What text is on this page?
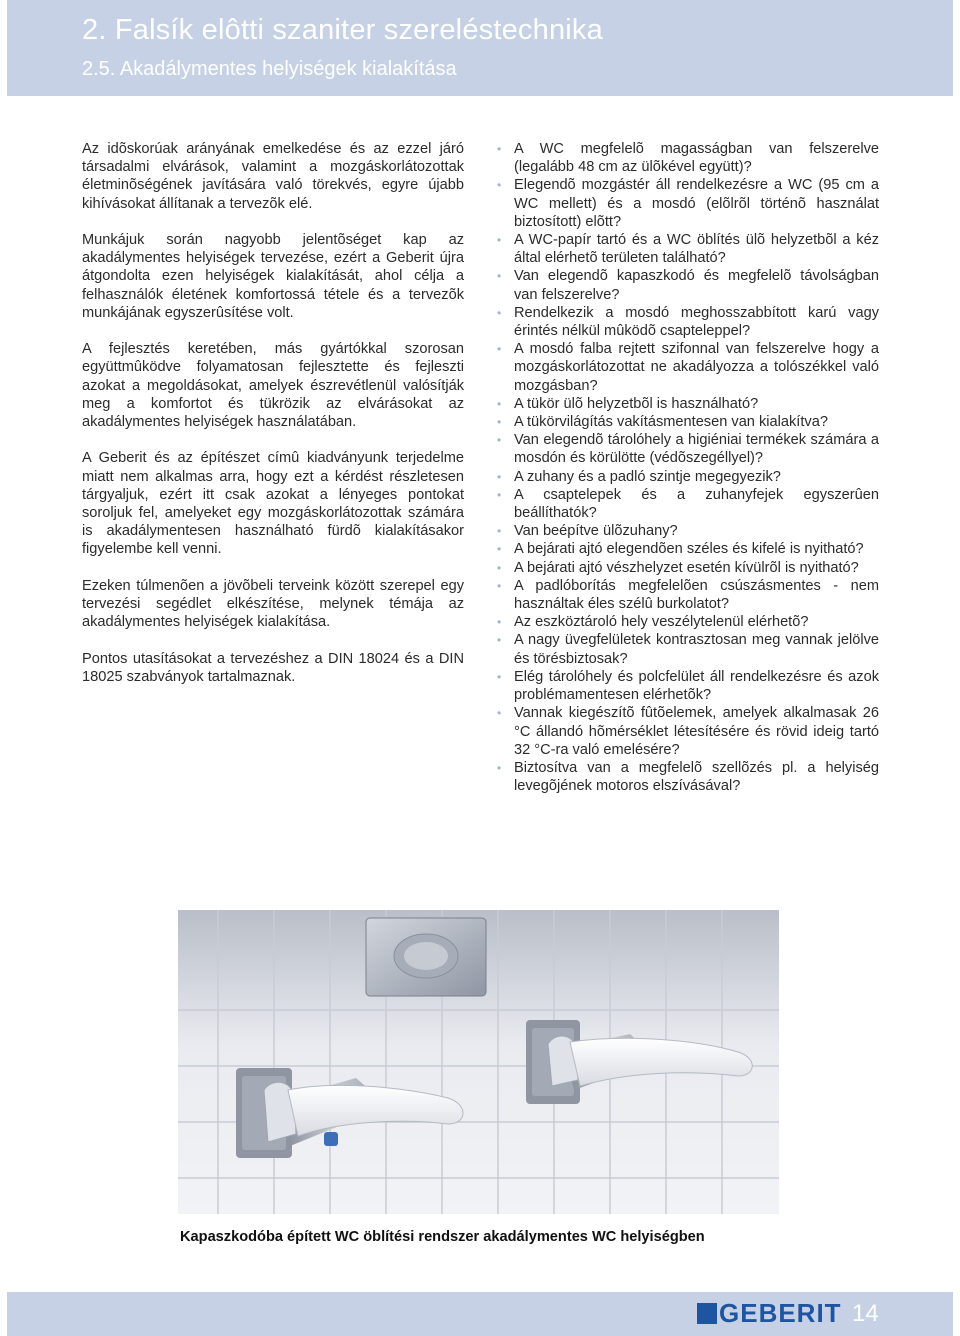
2. Falsík elôtti szaniter szereléstechnika
2.5. Akadálymentes helyiségek kialakítása

Az idõskorúak arányának emelkedése és az ezzel járó társadalmi elvárások, valamint a mozgáskorlátozottak életminõségének javítására való törekvés, egyre újabb kihívásokat állítanak a tervezõk elé.

Munkájuk során nagyobb jelentõséget kap az akadálymentes helyiségek tervezése, ezért a Geberit újra átgondolta ezen helyiségek kialakítását, ahol célja a felhasználók életének komfortossá tétele és a tervezõk munkájának egyszerûsítése volt.

A fejlesztés keretében, más gyártókkal szorosan együttmûködve folyamatosan fejlesztette és fejleszti azokat a megoldásokat, amelyek észrevétlenül valósítják meg a komfortot és tükrözik az elvárásokat az akadálymentes helyiségek használatában.

A Geberit és az építészet címû kiadványunk terjedelme miatt nem alkalmas arra, hogy ezt a kérdést részletesen tárgyaljuk, ezért itt csak azokat a lényeges pontokat soroljuk fel, amelyeket egy mozgáskorlátozottak számára is akadálymentesen használható fürdõ kialakításakor figyelembe kell venni.

Ezeken túlmenõen a jövõbeli terveink között szerepel egy tervezési segédlet elkészítése, melynek témája az akadálymentes helyiségek kialakítása.

Pontos utasításokat a tervezéshez a DIN 18024 és a DIN 18025 szabványok tartalmaznak.

• A WC megfelelõ magasságban van felszerelve (legalább 48 cm az ülõkével együtt)?
• Elegendõ mozgástér áll rendelkezésre a WC (95 cm a WC mellett) és a mosdó (elõlrõl történõ használat biztosított) elõtt?
• A WC-papír tartó és a WC öblítés ülõ helyzetbõl a kéz által elérhetõ területen található?
• Van elegendõ kapaszkodó és megfelelõ távolságban van felszerelve?
• Rendelkezik a mosdó meghosszabbított karú vagy érintés nélkül mûködõ csapteleppel?
• A mosdó falba rejtett szifonnal van felszerelve hogy a mozgáskorlátozottat ne akadályozza a tolószékkel való mozgásban?
• A tükör ülõ helyzetbõl is használható?
• A tükörvilágítás vakításmentesen van kialakítva?
• Van elegendõ tárolóhely a higiéniai termékek számára a mosdón és körülötte (védõszegéllyel)?
• A zuhany és a padló szintje megegyezik?
• A csaptelepek és a zuhanyfejek egyszerûen beállíthatók?
• Van beépítve ülõzuhany?
• A bejárati ajtó elegendõen széles és kifelé is nyitható?
• A bejárati ajtó vészhelyzet esetén kívülrõl is nyitható?
• A padlóborítás megfelelõen csúszásmentes - nem használtak éles szélû burkolatot?
• Az eszköztároló hely veszélytelenül elérhetõ?
• A nagy üvegfelületek kontrasztosan meg vannak jelölve és törésbiztosak?
• Elég tárolóhely és polcfelület áll rendelkezésre és azok problémamentesen elérhetõk?
• Vannak kiegészítõ fûtõelemek, amelyek alkalmasak 26 °C állandó hõmérséklet létesítésére és rövid ideig tartó 32 °C-ra való emelésére?
• Biztosítva van a megfelelõ szellõzés pl. a helyiség levegõjének motoros elszívásával?
Kapaszkodóba épített WC öblítési rendszer akadálymentes WC helyiségben
GEBERIT 14
